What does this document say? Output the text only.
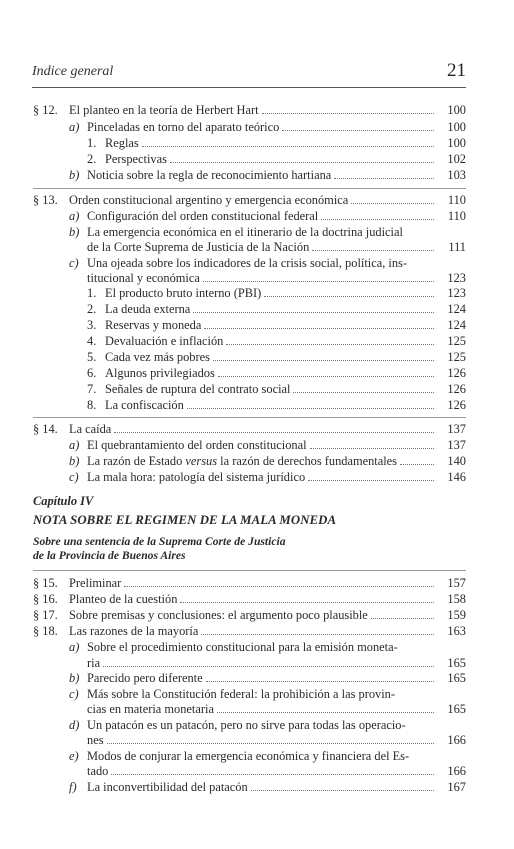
Indice general	21
§ 12. El planteo en la teoría de Herbert Hart	100
a) Pinceladas en torno del aparato teórico	100
1. Reglas	100
2. Perspectivas	102
b) Noticia sobre la regla de reconocimiento hartiana	103
§ 13. Orden constitucional argentino y emergencia económica	110
a) Configuración del orden constitucional federal	110
b) La emergencia económica en el itinerario de la doctrina judicial
de la Corte Suprema de Justicia de la Nación	111
c) Una ojeada sobre los indicadores de la crisis social, política, ins-
titucional y económica	123
1. El producto bruto interno (PBI)	123
2. La deuda externa	124
3. Reservas y moneda	124
4. Devaluación e inflación	125
5. Cada vez más pobres	125
6. Algunos privilegiados	126
7. Señales de ruptura del contrato social	126
8. La confiscación	126
§ 14. La caída	137
a) El quebrantamiento del orden constitucional	137
b) La razón de Estado versus la razón de derechos fundamentales	140
c) La mala hora: patología del sistema jurídico	146
Capítulo IV
NOTA SOBRE EL REGIMEN DE LA MALA MONEDA
Sobre una sentencia de la Suprema Corte de Justicia
de la Provincia de Buenos Aires
§ 15. Preliminar	157
§ 16. Planteo de la cuestión	158
§ 17. Sobre premisas y conclusiones: el argumento poco plausible	159
§ 18. Las razones de la mayoría	163
a) Sobre el procedimiento constitucional para la emisión moneta-
ria	165
b) Parecido pero diferente	165
c) Más sobre la Constitución federal: la prohibición a las provin-
cias en materia monetaria	165
d) Un patacón es un patacón, pero no sirve para todas las operacio-
nes	166
e) Modos de conjurar la emergencia económica y financiera del Es-
tado	166
f) La inconvertibilidad del patacón	167
